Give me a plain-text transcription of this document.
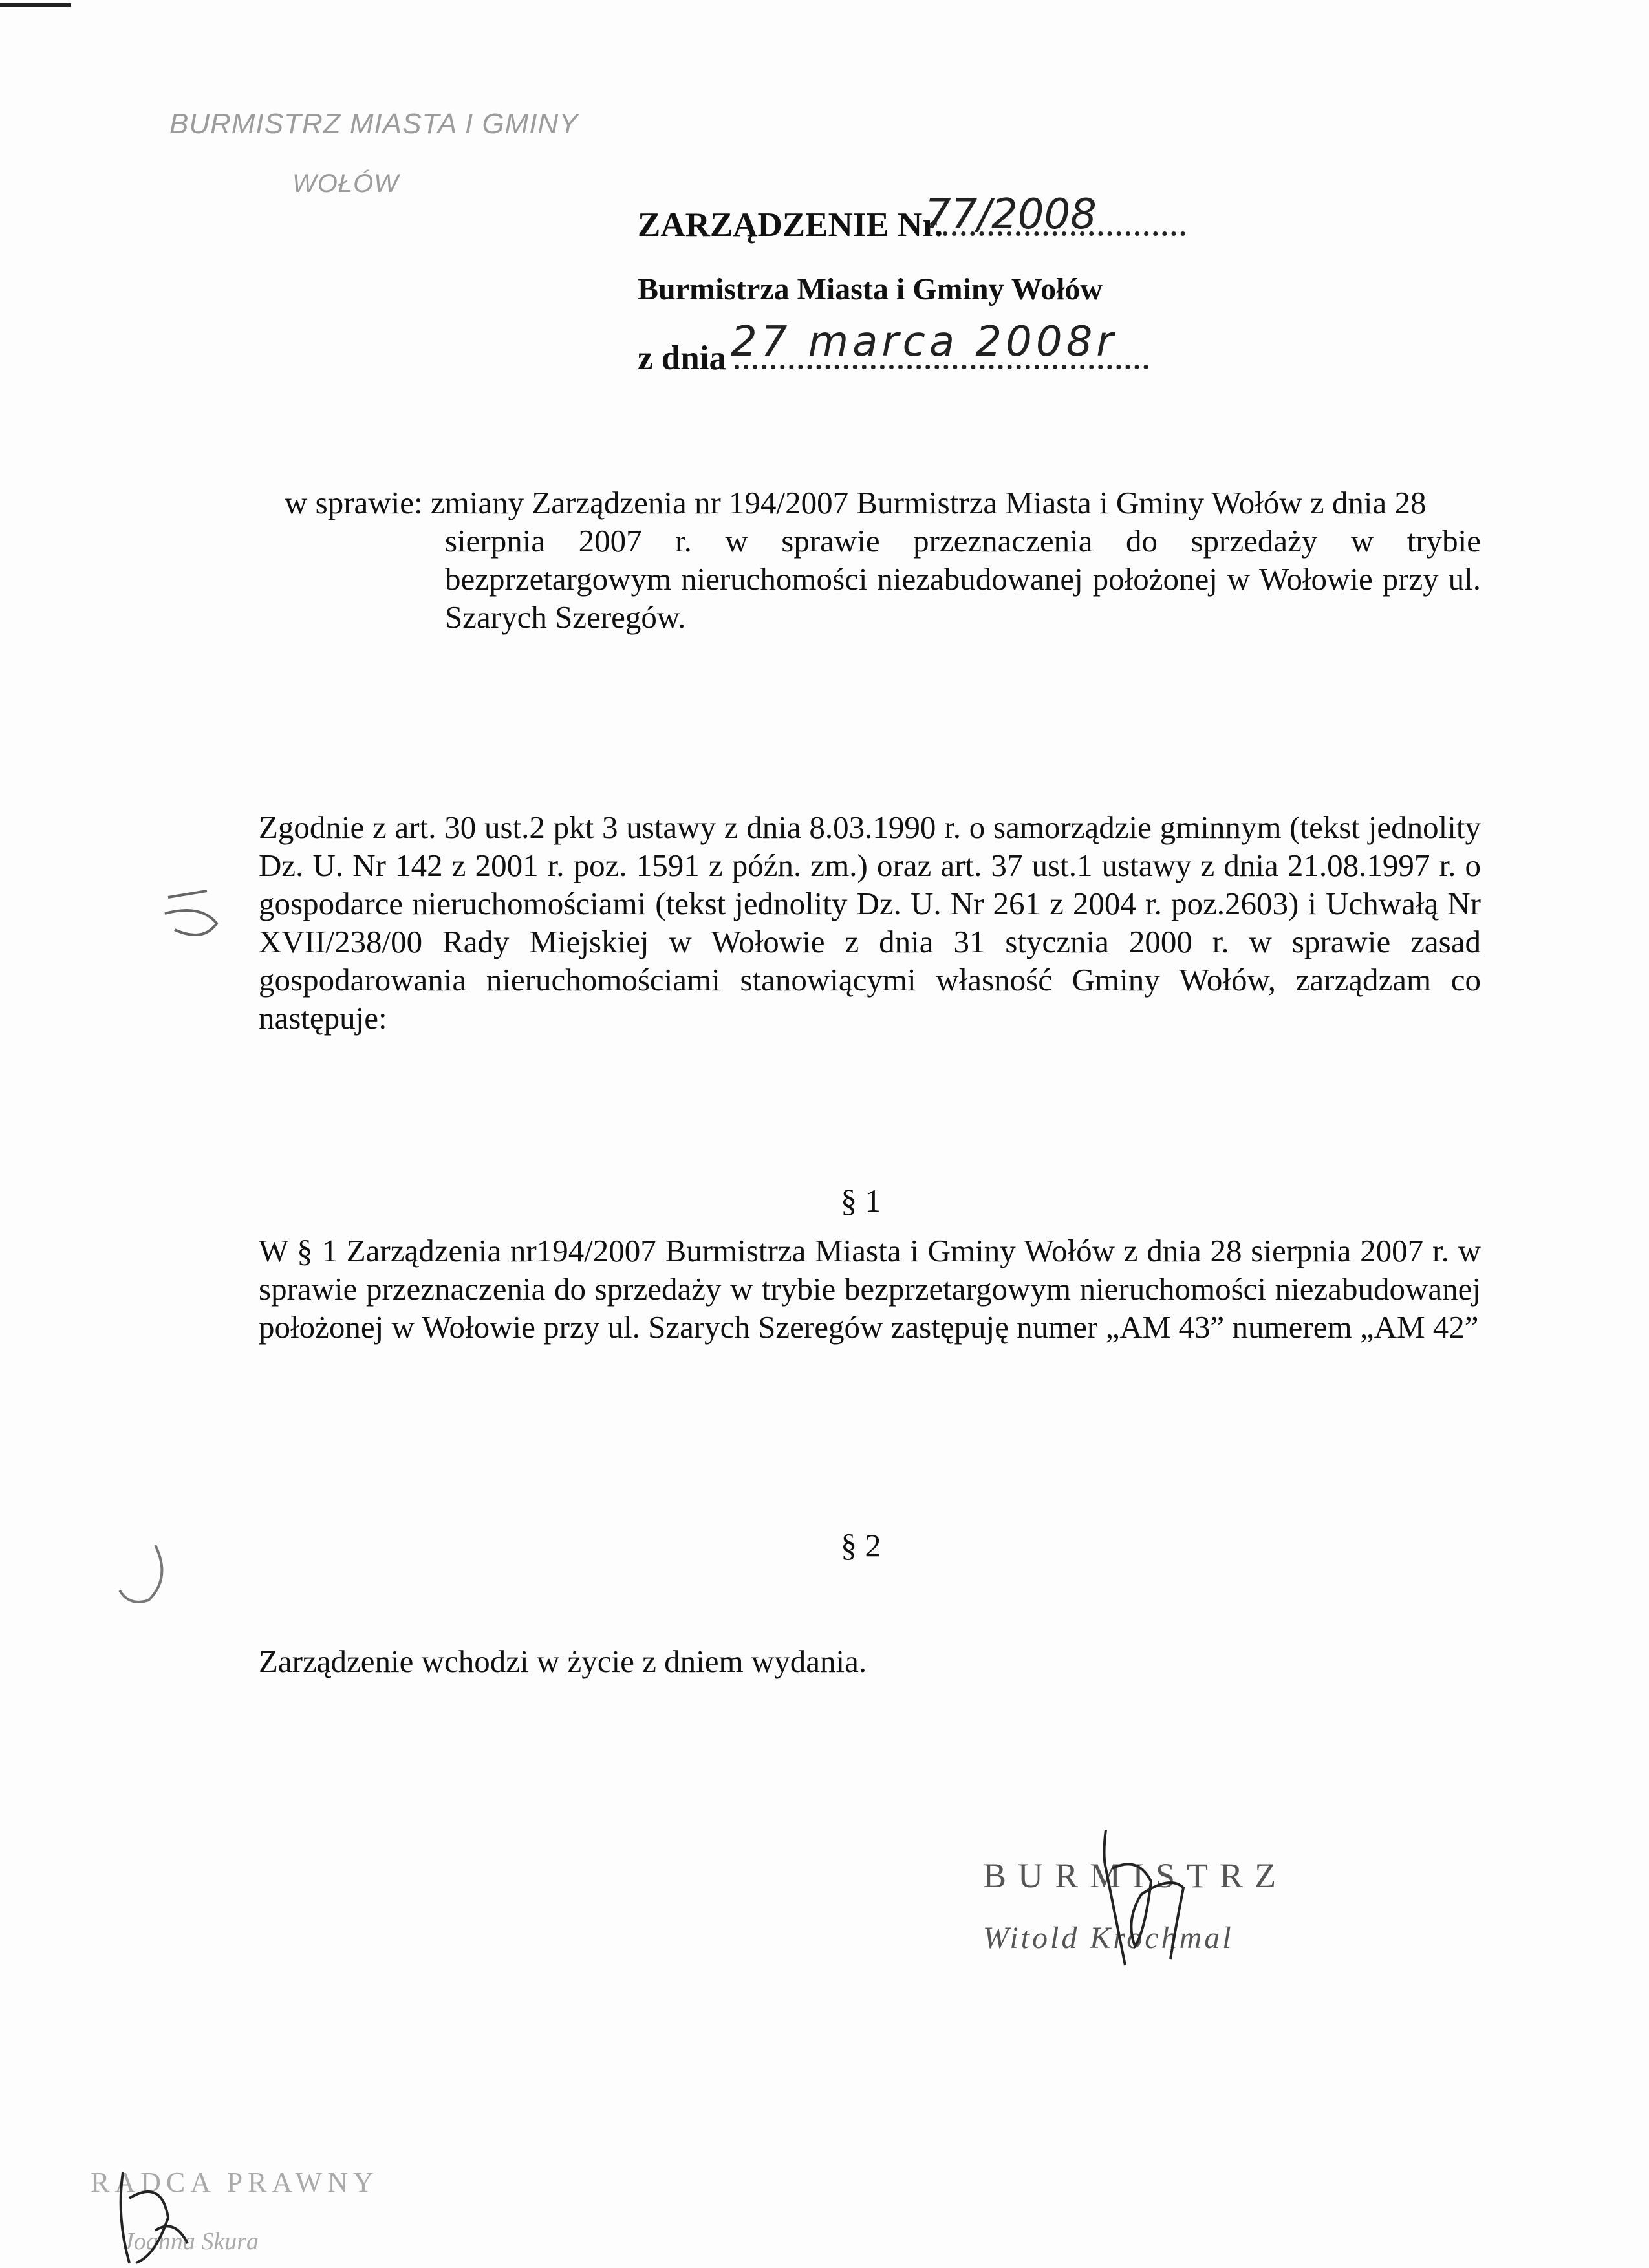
BURMISTRZ MIASTA I GMINY
WOŁÓW
ZARZĄDZENIE Nr.
77/2008
Burmistrza Miasta i Gminy Wołów
z dnia 27 marca 2008r
w sprawie: zmiany Zarządzenia nr 194/2007 Burmistrza Miasta i Gminy Wołów z dnia 28
sierpnia 2007 r. w sprawie przeznaczenia do sprzedaży w trybie bezprzetargowym nieruchomości niezabudowanej położonej w Wołowie przy ul. Szarych Szeregów.
Zgodnie z art. 30 ust.2 pkt 3 ustawy z dnia 8.03.1990 r. o samorządzie gminnym (tekst jednolity Dz. U. Nr 142 z 2001 r. poz. 1591 z późn. zm.) oraz art. 37 ust.1 ustawy z dnia 21.08.1997 r. o gospodarce nieruchomościami (tekst jednolity Dz. U. Nr 261 z 2004 r. poz.2603) i Uchwałą Nr XVII/238/00 Rady Miejskiej w Wołowie z dnia 31 stycznia 2000 r. w sprawie zasad gospodarowania nieruchomościami stanowiącymi własność Gminy Wołów, zarządzam co następuje:
§ 1
W § 1 Zarządzenia nr194/2007 Burmistrza Miasta i Gminy Wołów z dnia 28 sierpnia 2007 r. w sprawie przeznaczenia do sprzedaży w trybie bezprzetargowym nieruchomości niezabudowanej położonej w Wołowie przy ul. Szarych Szeregów zastępuję numer „AM 43” numerem „AM 42”
§ 2
Zarządzenie wchodzi w życie z dniem wydania.
BURMISTRZ
Witold Krochmal
RADCA PRAWNY
Joanna Skura
